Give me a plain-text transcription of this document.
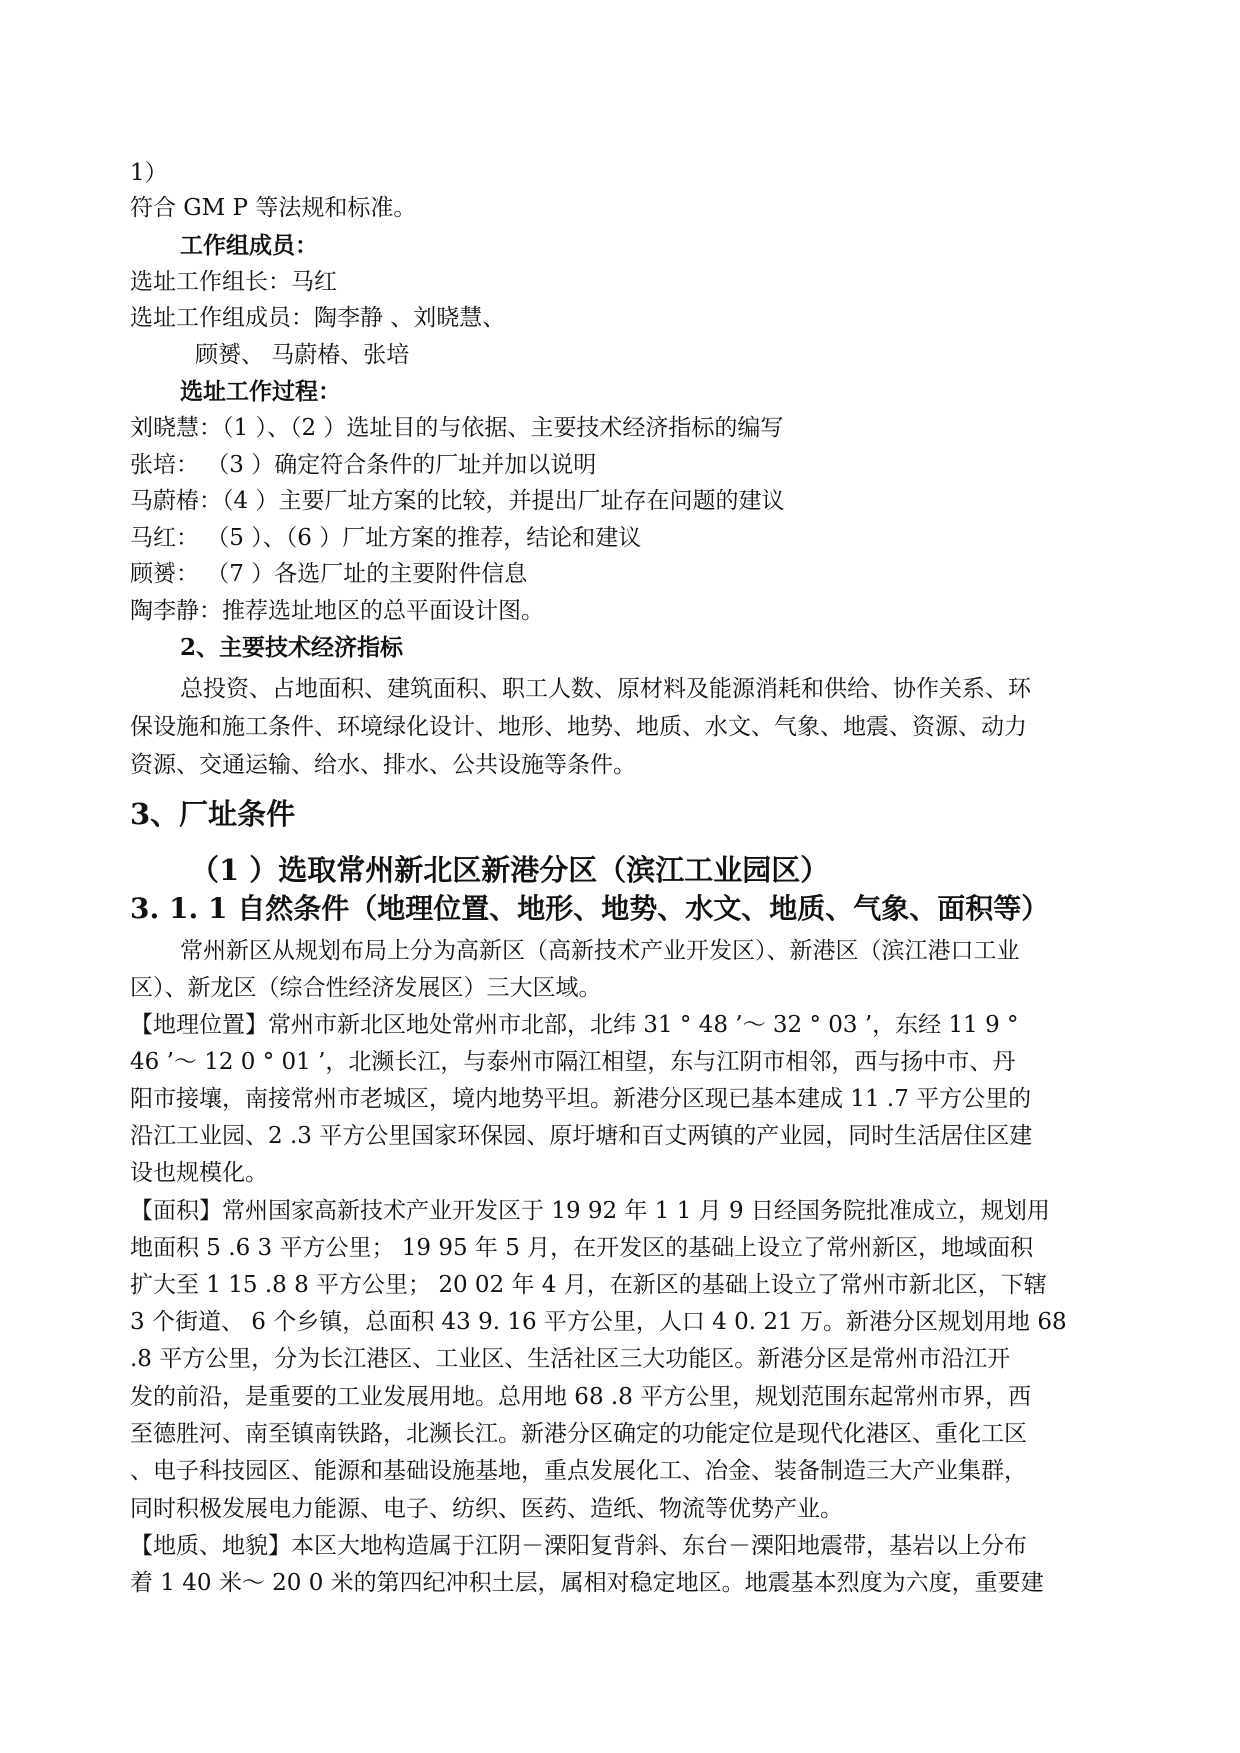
1）
符合 GM P 等法规和标准。
工作组成员：
选址工作组长：马红
选址工作组成员：陶李静 、刘晓慧、
顾赟、 马蔚椿、张培
选址工作过程：
刘晓慧：（1 ）、（2 ）选址目的与依据、主要技术经济指标的编写
张培： （3 ）确定符合条件的厂址并加以说明
马蔚椿：（4 ）主要厂址方案的比较，并提出厂址存在问题的建议
马红： （5 ）、（6 ）厂址方案的推荐，结论和建议
顾赟： （7 ）各选厂址的主要附件信息
陶李静：推荐选址地区的总平面设计图。
2、主要技术经济指标
总投资、占地面积、建筑面积、职工人数、原材料及能源消耗和供给、协作关系、环
保设施和施工条件、环境绿化设计、地形、地势、地质、水文、气象、地震、资源、动力
资源、交通运输、给水、排水、公共设施等条件。
3、厂址条件
（1 ）选取常州新北区新港分区（滨江工业园区）
3. 1. 1 自然条件（地理位置、地形、地势、水文、地质、气象、面积等）
常州新区从规划布局上分为高新区（高新技术产业开发区）、新港区（滨江港口工业
区）、新龙区（综合性经济发展区）三大区域。
【地理位置】常州市新北区地处常州市北部，北纬 31 ° 48 ’～ 32 ° 03 ’，东经 11 9 °
46 ’～ 12 0 ° 01 ’，北濒长江，与泰州市隔江相望，东与江阴市相邻，西与扬中市、丹
阳市接壤，南接常州市老城区，境内地势平坦。新港分区现已基本建成 11 .7 平方公里的
沿江工业园、2 .3 平方公里国家环保园、原圩塘和百丈两镇的产业园，同时生活居住区建
设也规模化。
【面积】常州国家高新技术产业开发区于 19 92 年 1 1 月 9 日经国务院批准成立，规划用
地面积 5 .6 3 平方公里； 19 95 年 5 月，在开发区的基础上设立了常州新区，地域面积
扩大至 1 15 .8 8 平方公里； 20 02 年 4 月，在新区的基础上设立了常州市新北区，下辖
3 个街道、 6 个乡镇，总面积 43 9. 16 平方公里，人口 4 0. 21 万。新港分区规划用地 68
.8 平方公里，分为长江港区、工业区、生活社区三大功能区。新港分区是常州市沿江开
发的前沿，是重要的工业发展用地。总用地 68 .8 平方公里，规划范围东起常州市界，西
至德胜河、南至镇南铁路，北濒长江。新港分区确定的功能定位是现代化港区、重化工区
、电子科技园区、能源和基础设施基地，重点发展化工、冶金、装备制造三大产业集群，
同时积极发展电力能源、电子、纺织、医药、造纸、物流等优势产业。
【地质、地貌】本区大地构造属于江阴－溧阳复背斜、东台－溧阳地震带，基岩以上分布
着 1 40 米～ 20 0 米的第四纪冲积土层，属相对稳定地区。地震基本烈度为六度，重要建
